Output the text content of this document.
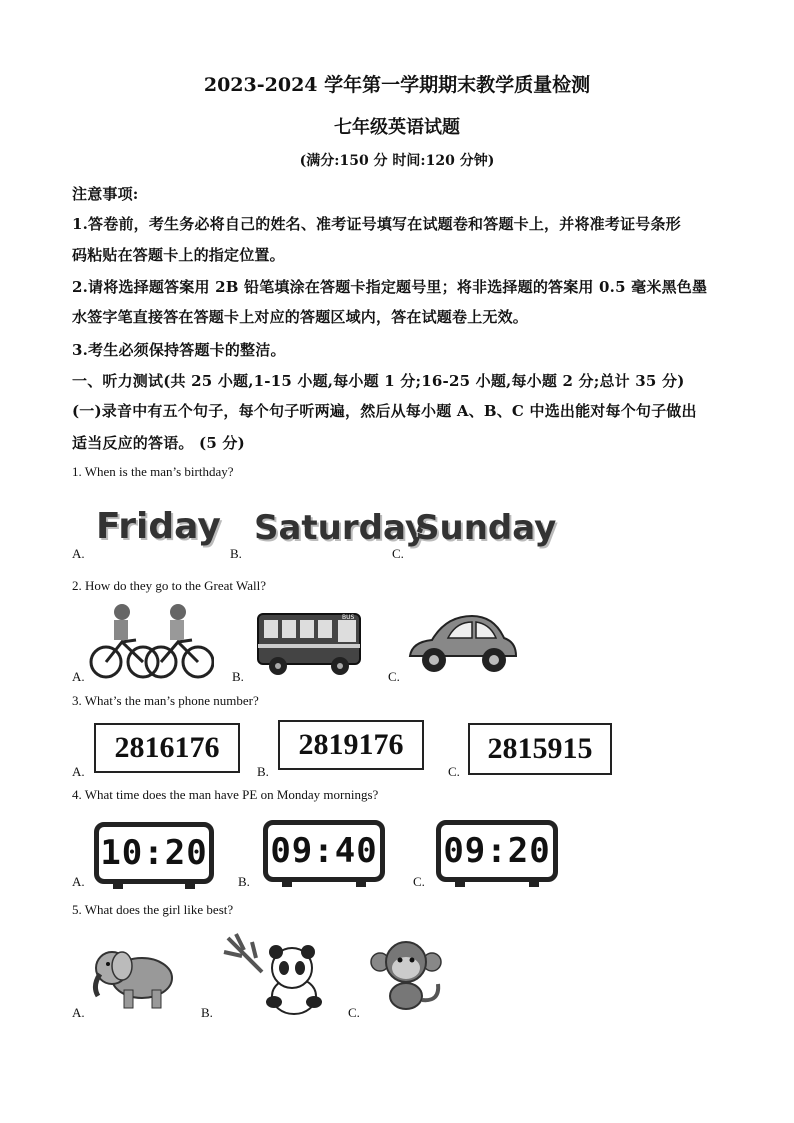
2023-2024 学年第一学期期末教学质量检测
七年级英语试题
(满分:150 分 时间:120 分钟)
注意事项:
1.答卷前，考生务必将自己的姓名、准考证号填写在试题卷和答题卡上，并将准考证号条形
码粘贴在答题卡上的指定位置。
2.请将选择题答案用 2B 铅笔填涂在答题卡指定题号里；将非选择题的答案用 0.5 毫米黑色墨
水签字笔直接答在答题卡上对应的答题区域内，答在试题卷上无效。
3.考生必须保持答题卡的整洁。
一、听力测试(共 25 小题,1-15 小题,每小题 1 分;16-25 小题,每小题 2 分;总计 35 分)
(一)录音中有五个句子，每个句子听两遍，然后从每小题 A、B、C 中选出能对每个句子做出
适当反应的答语。 (5 分)
1. When is the man’s birthday?
A.
Friday
B.
Saturday
C.
Sunday
2. How do they go to the Great Wall?
A.	B.
BUS
C.
3. What’s the man’s phone number?
A.
2816176
B.
2819176
C.
2815915
4. What time does the man have PE on Monday mornings?
A.
10:20
B.
09:40
C.
09:20
5. What does the girl like best?
A.	B.	C.
